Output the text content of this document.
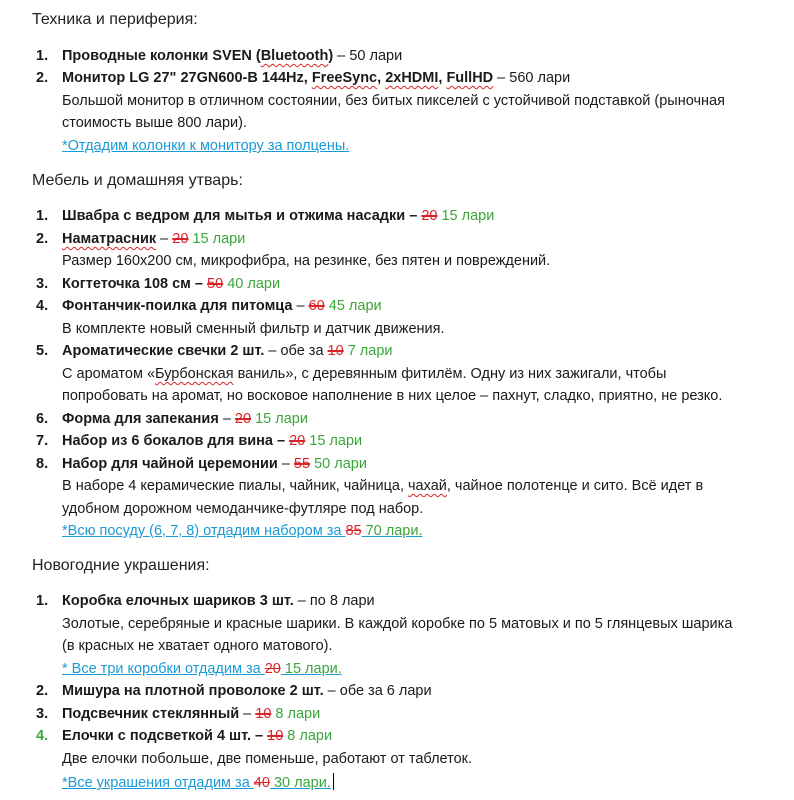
Техника и периферия:
1. Проводные колонки SVEN (Bluetooth) – 50 лари
2. Монитор LG 27" 27GN600-B 144Hz, FreeSync, 2xHDMI, FullHD – 560 лари
Большой монитор в отличном состоянии, без битых пикселей с устойчивой подставкой (рыночная
стоимость выше 800 лари).
*Отдадим колонки к монитору за полцены.
Мебель и домашняя утварь:
1. Швабра с ведром для мытья и отжима насадки – 20 15 лари
2. Наматрасник – 20 15 лари
Размер 160х200 см, микрофибра, на резинке, без пятен и повреждений.
3. Когтеточка 108 см – 50 40 лари
4. Фонтанчик-поилка для питомца – 60 45 лари
В комплекте новый сменный фильтр и датчик движения.
5. Ароматические свечки 2 шт. – обе за 10 7 лари
С ароматом «Бурбонская ваниль», с деревянным фитилём. Одну из них зажигали, чтобы
попробовать на аромат, но восковое наполнение в них целое – пахнут, сладко, приятно, не резко.
6. Форма для запекания – 20 15 лари
7. Набор из 6 бокалов для вина – 20 15 лари
8. Набор для чайной церемонии – 55 50 лари
В наборе 4 керамические пиалы, чайник, чайница, чахай, чайное полотенце и сито. Всё идет в
удобном дорожном чемоданчике-футляре под набор.
*Всю посуду (6, 7, 8) отдадим набором за 85 70 лари.
Новогодние украшения:
1. Коробка елочных шариков 3 шт. – по 8 лари
Золотые, серебряные и красные шарики. В каждой коробке по 5 матовых и по 5 глянцевых шарика
(в красных не хватает одного матового).
* Все три коробки отдадим за 20 15 лари.
2. Мишура на плотной проволоке 2 шт. – обе за 6 лари
3. Подсвечник стеклянный – 10 8 лари
4. Елочки с подсветкой 4 шт. – 10 8 лари
Две елочки побольше, две поменьше, работают от таблеток.
*Все украшения отдадим за 40 30 лари.
